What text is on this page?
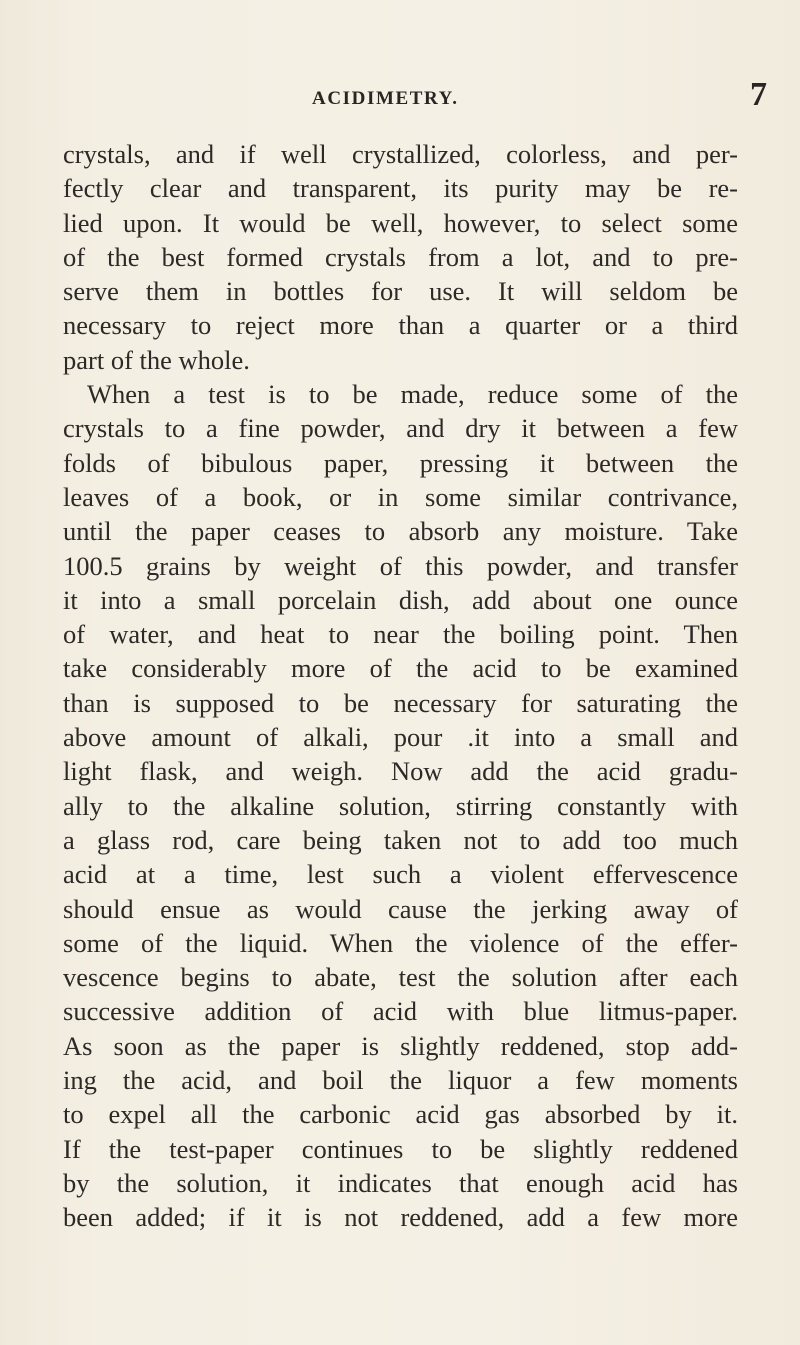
ACIDIMETRY.	7
crystals, and if well crystallized, colorless, and per-
fectly clear and transparent, its purity may be re-
lied upon. It would be well, however, to select some
of the best formed crystals from a lot, and to pre-
serve them in bottles for use. It will seldom be
necessary to reject more than a quarter or a third
part of the whole.
When a test is to be made, reduce some of the
crystals to a fine powder, and dry it between a few
folds of bibulous paper, pressing it between the
leaves of a book, or in some similar contrivance,
until the paper ceases to absorb any moisture. Take
100.5 grains by weight of this powder, and transfer
it into a small porcelain dish, add about one ounce
of water, and heat to near the boiling point. Then
take considerably more of the acid to be examined
than is supposed to be necessary for saturating the
above amount of alkali, pour .it into a small and
light flask, and weigh. Now add the acid gradu-
ally to the alkaline solution, stirring constantly with
a glass rod, care being taken not to add too much
acid at a time, lest such a violent effervescence
should ensue as would cause the jerking away of
some of the liquid. When the violence of the effer-
vescence begins to abate, test the solution after each
successive addition of acid with blue litmus-paper.
As soon as the paper is slightly reddened, stop add-
ing the acid, and boil the liquor a few moments
to expel all the carbonic acid gas absorbed by it.
If the test-paper continues to be slightly reddened
by the solution, it indicates that enough acid has
been added; if it is not reddened, add a few more
